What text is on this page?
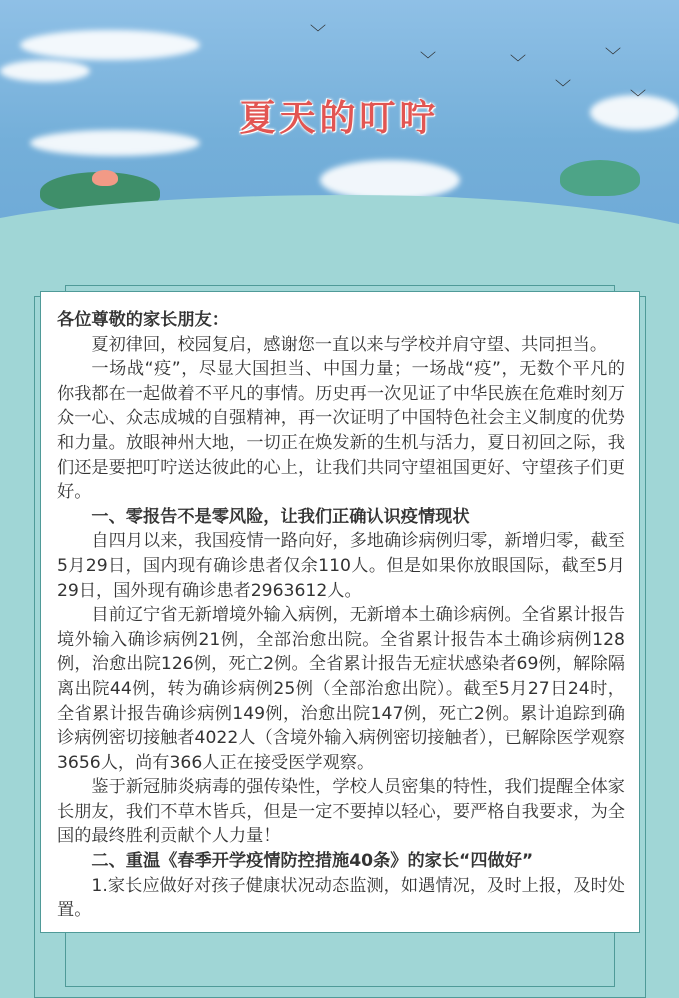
﹀
﹀	﹀
﹀
﹀
﹀
夏天的叮咛

各位尊敬的家长朋友：

夏初律回，校园复启，感谢您一直以来与学校并肩守望、共同担当。

一场战“疫”，尽显大国担当、中国力量；一场战“疫”，无数个平凡的你我都在一起做着不平凡的事情。历史再一次见证了中华民族在危难时刻万众一心、众志成城的自强精神，再一次证明了中国特色社会主义制度的优势和力量。放眼神州大地，一切正在焕发新的生机与活力，夏日初回之际，我们还是要把叮咛送达彼此的心上，让我们共同守望祖国更好、守望孩子们更好。

一、零报告不是零风险，让我们正确认识疫情现状

自四月以来，我国疫情一路向好，多地确诊病例归零，新增归零，截至5月29日，国内现有确诊患者仅余110人。但是如果你放眼国际，截至5月29日，国外现有确诊患者2963612人。

目前辽宁省无新增境外输入病例，无新增本土确诊病例。全省累计报告境外输入确诊病例21例，全部治愈出院。全省累计报告本土确诊病例128例，治愈出院126例，死亡2例。全省累计报告无症状感染者69例，解除隔离出院44例，转为确诊病例25例（全部治愈出院）。截至5月27日24时，全省累计报告确诊病例149例，治愈出院147例，死亡2例。累计追踪到确诊病例密切接触者4022人（含境外输入病例密切接触者），已解除医学观察3656人，尚有366人正在接受医学观察。

鉴于新冠肺炎病毒的强传染性，学校人员密集的特性，我们提醒全体家长朋友，我们不草木皆兵，但是一定不要掉以轻心，要严格自我要求，为全国的最终胜利贡献个人力量！

二、重温《春季开学疫情防控措施40条》的家长“四做好”

1.家长应做好对孩子健康状况动态监测，如遇情况，及时上报，及时处置。
